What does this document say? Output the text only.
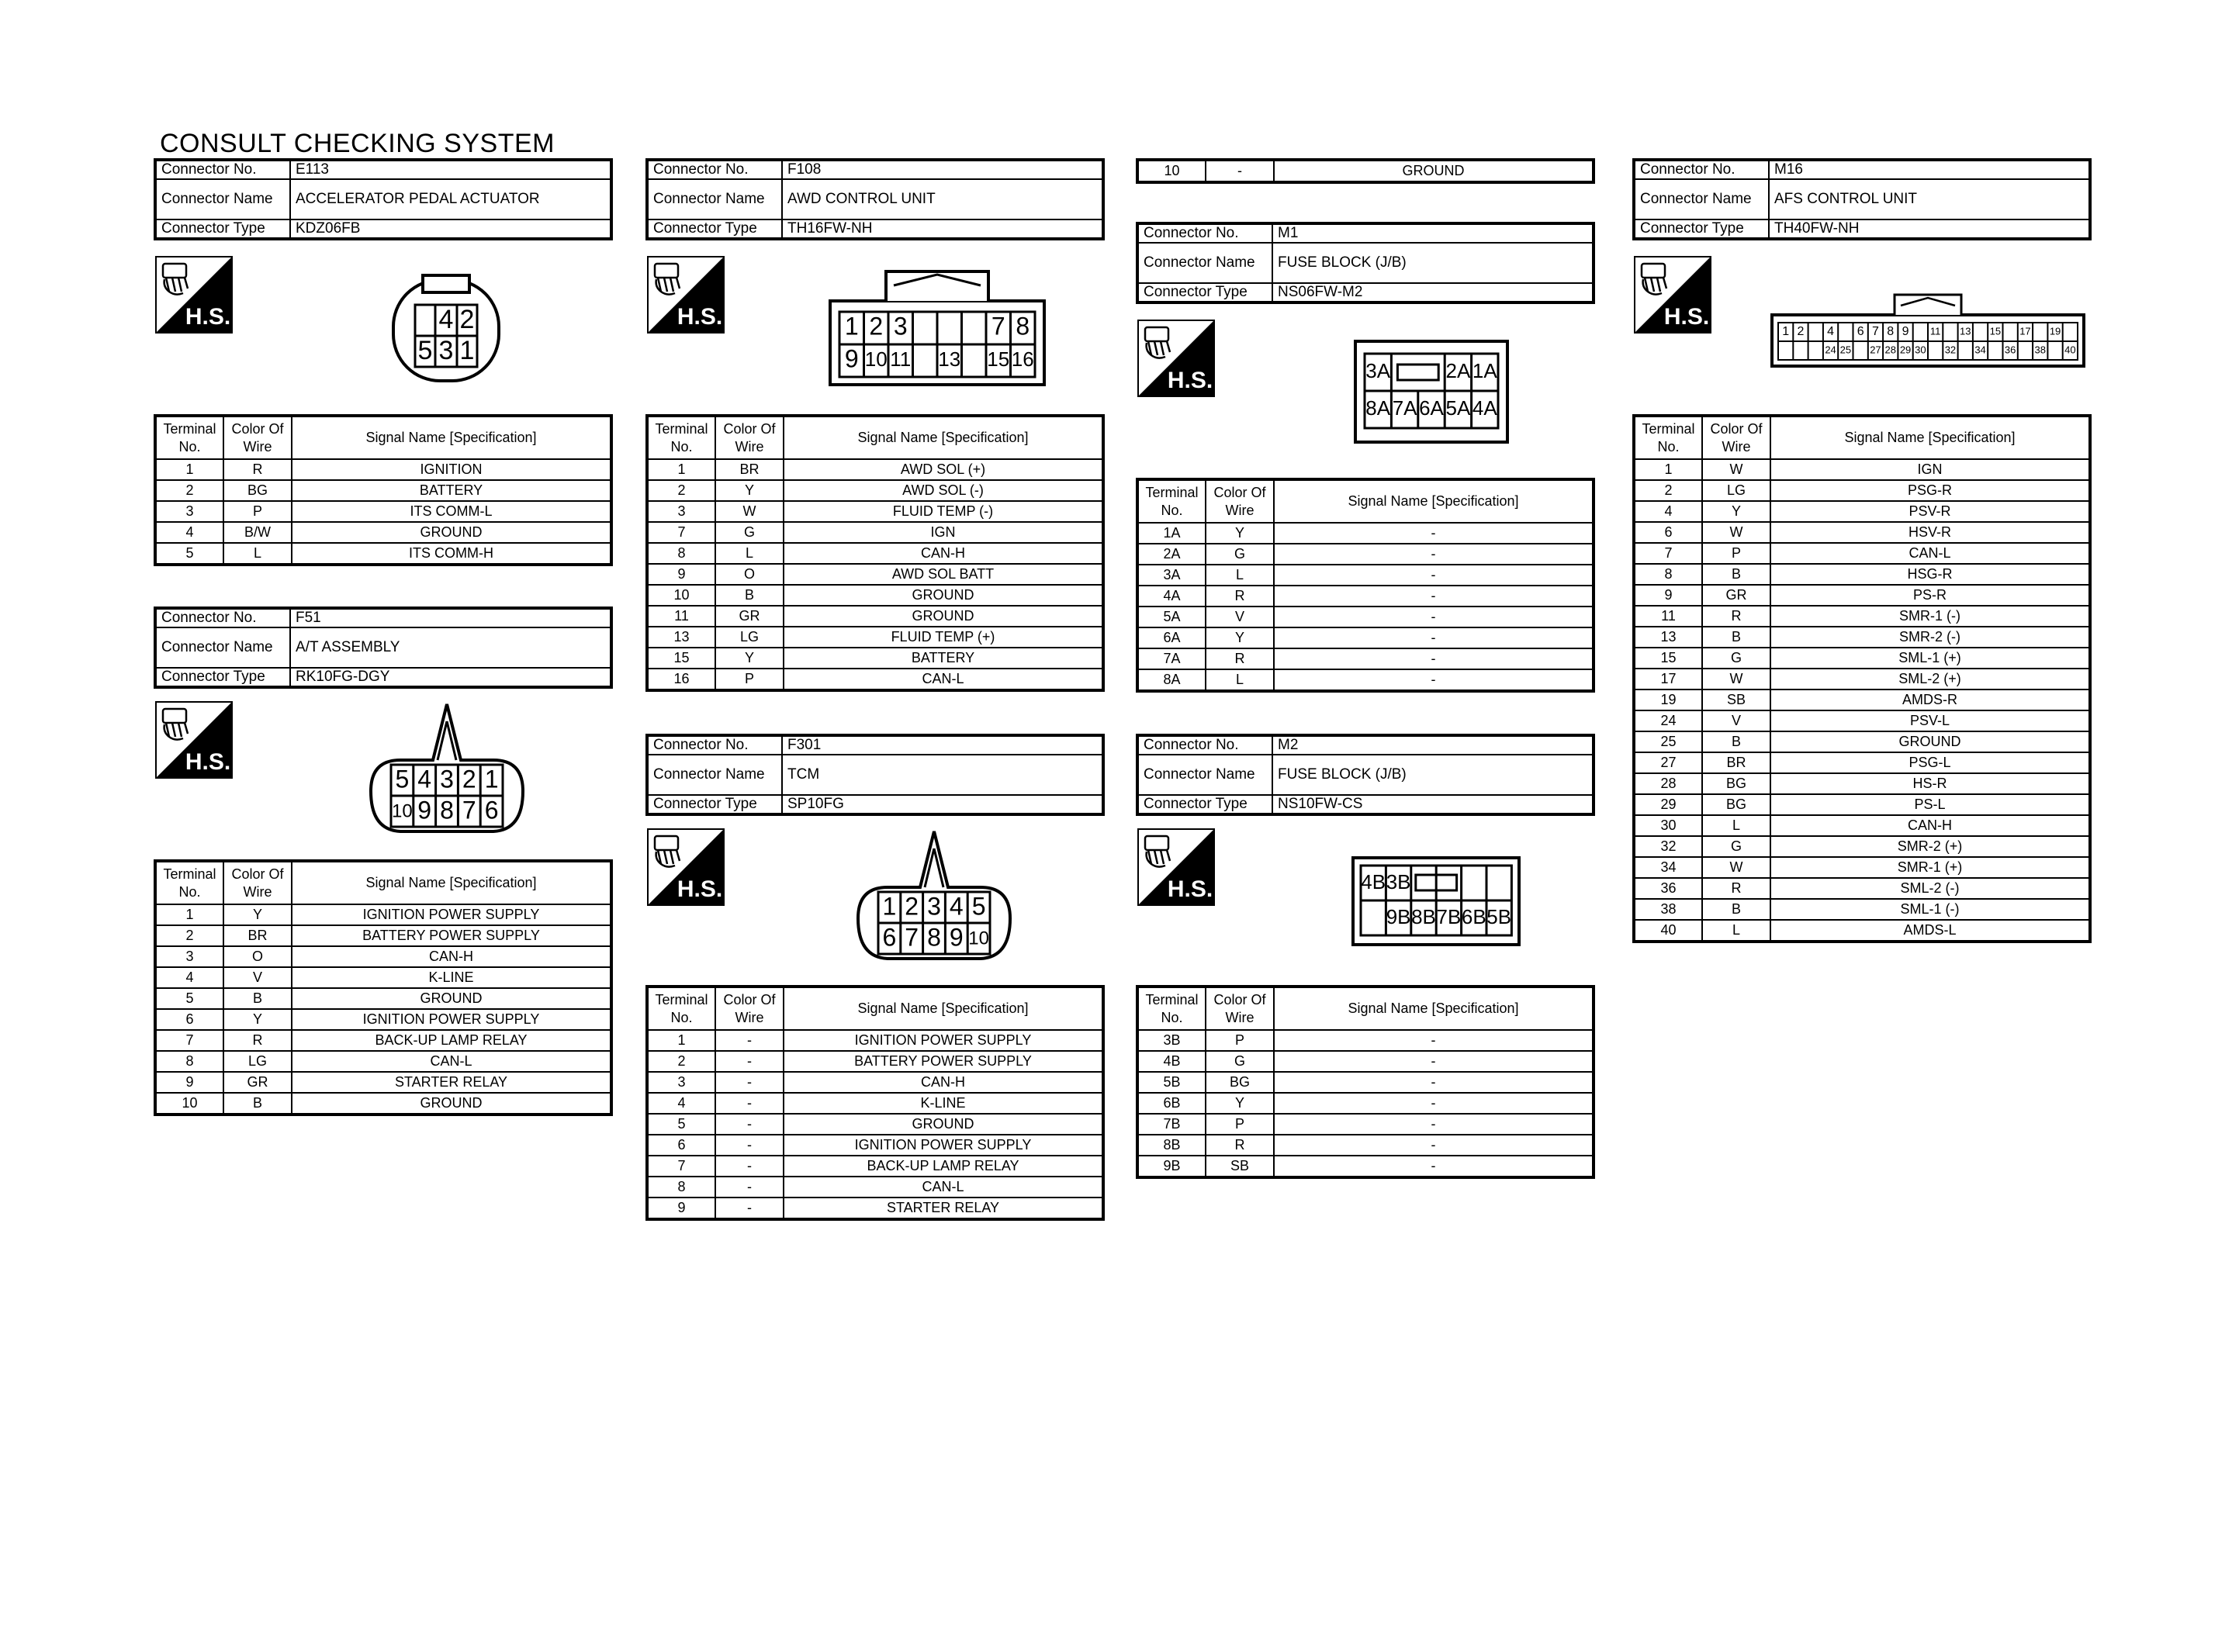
CONSULT CHECKING SYSTEM
Connector No.	E113
Connector Name	ACCELERATOR PEDAL ACTUATOR
Connector Type	KDZ06FB
H.S.	4 2
5 3 1
Terminal No.	Color Of Wire	Signal Name [Specification]
1	R	IGNITION
2	BG	BATTERY
3	P	ITS COMM-L
4	B/W	GROUND
5	L	ITS COMM-H
Connector No.	F51
Connector Name	A/T ASSEMBLY
Connector Type	RK10FG-DGY
H.S.
5 4 3 2 1
10 9 8 7 6
Terminal No.	Color Of Wire	Signal Name [Specification]
1	Y	IGNITION POWER SUPPLY
2	BR	BATTERY POWER SUPPLY
3	O	CAN-H
4	V	K-LINE
5	B	GROUND
6	Y	IGNITION POWER SUPPLY
7	R	BACK-UP LAMP RELAY
8	LG	CAN-L
9	GR	STARTER RELAY
10	B	GROUND
Connector No.	F108
Connector Name	AWD CONTROL UNIT
Connector Type	TH16FW-NH
H.S.	1 2 3	7 8
9 10 11 13 15 16
Terminal No.	Color Of Wire	Signal Name [Specification]
1	BR	AWD SOL (+)
2	Y	AWD SOL (-)
3	W	FLUID TEMP (-)
7	G	IGN
8	L	CAN-H
9	O	AWD SOL BATT
10	B	GROUND
11	GR	GROUND
13	LG	FLUID TEMP (+)
15	Y	BATTERY
16	P	CAN-L
Connector No.	F301
Connector Name	TCM
Connector Type	SP10FG
H.S.
1 2 3 4 5
6 7 8 9 10
Terminal No.	Color Of Wire	Signal Name [Specification]
1	-	IGNITION POWER SUPPLY
2	-	BATTERY POWER SUPPLY
3	-	CAN-H
4	-	K-LINE
5	-	GROUND
6	-	IGNITION POWER SUPPLY
7	-	BACK-UP LAMP RELAY
8	-	CAN-L
9	-	STARTER RELAY
10	-	GROUND
Connector No.	M1
Connector Name	FUSE BLOCK (J/B)
Connector Type	NS06FW-M2
H.S.	3A	2A 1A
8A 7A 6A 5A 4A
Terminal No.	Color Of Wire	Signal Name [Specification]
1A	Y	-
2A	G	-
3A	L	-
4A	R	-
5A	V	-
6A	Y	-
7A	R	-
8A	L	-
Connector No.	M2
Connector Name	FUSE BLOCK (J/B)
Connector Type	NS10FW-CS
H.S.	4B 3B
9B 8B 7B 6B 5B
Terminal No.	Color Of Wire	Signal Name [Specification]
3B	P	-
4B	G	-
5B	BG	-
6B	Y	-
7B	P	-
8B	R	-
9B	SB	-
Connector No.	M16
Connector Name	AFS CONTROL UNIT
Connector Type	TH40FW-NH
H.S.
1 2 4 6 7 8 9 11 13 15 17 19
24 25 27 28 29 30 32 34 36 38 40
Terminal No.	Color Of Wire	Signal Name [Specification]
1	W	IGN
2	LG	PSG-R
4	Y	PSV-R
6	W	HSV-R
7	P	CAN-L
8	B	HSG-R
9	GR	PS-R
11	R	SMR-1 (-)
13	B	SMR-2 (-)
15	G	SML-1 (+)
17	W	SML-2 (+)
19	SB	AMDS-R
24	V	PSV-L
25	B	GROUND
27	BR	PSG-L
28	BG	HS-R
29	BG	PS-L
30	L	CAN-H
32	G	SMR-2 (+)
34	W	SMR-1 (+)
36	R	SML-2 (-)
38	B	SML-1 (-)
40	L	AMDS-L
